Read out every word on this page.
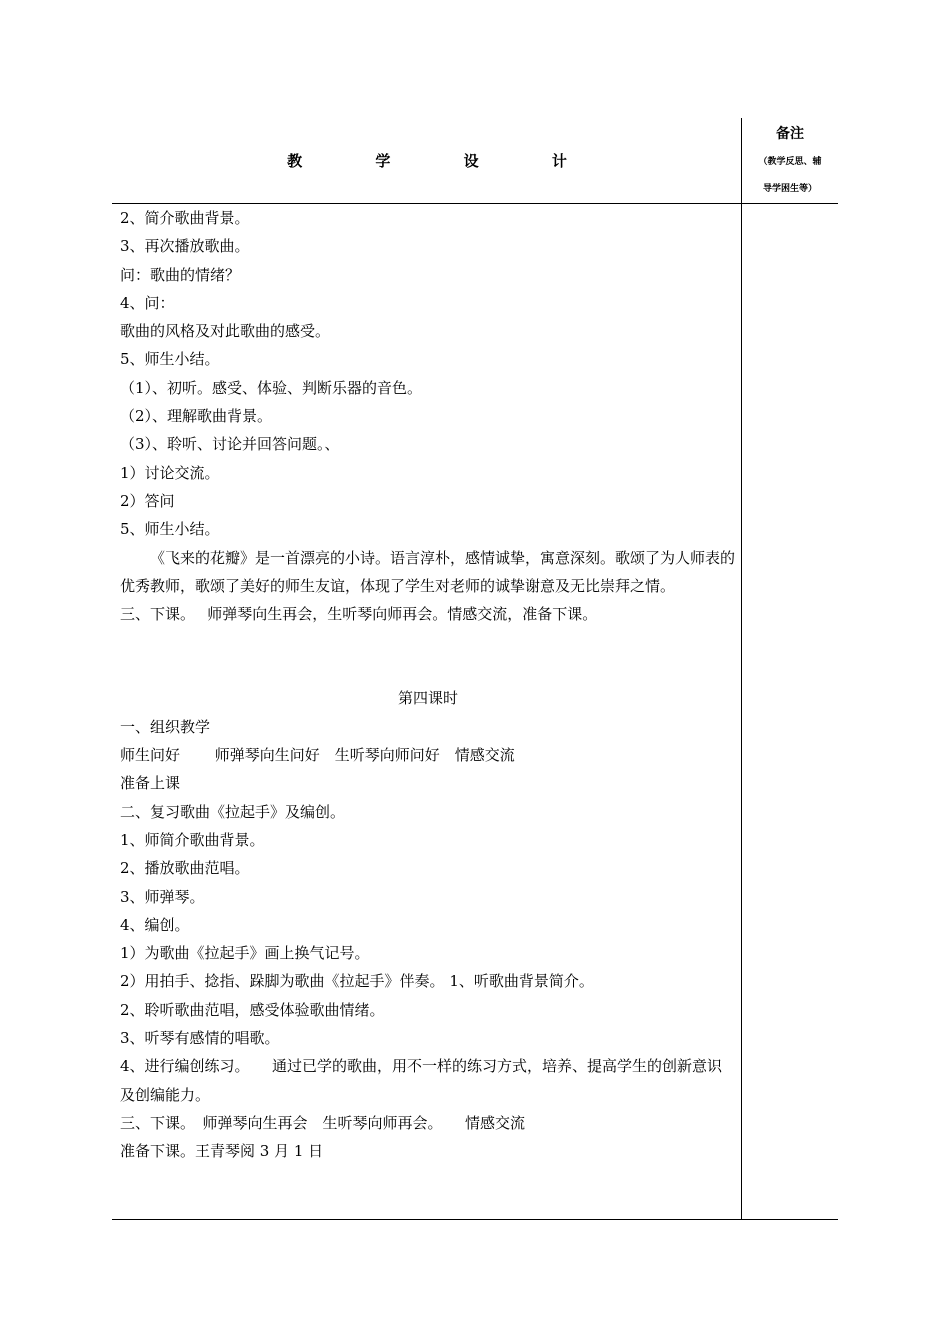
教 学 设 计
备注
（教学反思、辅
导学困生等）

2、简介歌曲背景。

3、再次播放歌曲。

问：歌曲的情绪？

4、问：

歌曲的风格及对此歌曲的感受。

5、师生小结。

（1）、初听。感受、体验、判断乐器的音色。

（2）、理解歌曲背景。

（3）、聆听、讨论并回答问题。、

1）讨论交流。

2）答问

5、师生小结。

《飞来的花瓣》是一首漂亮的小诗。语言淳朴，感情诚挚，寓意深刻。歌颂了为人师表的优秀教师，歌颂了美好的师生友谊，体现了学生对老师的诚挚谢意及无比崇拜之情。

三、下课。　 师弹琴向生再会，生听琴向师再会。情感交流，准备下课。

第四课时

一、组织教学

师生问好　　 师弹琴向生问好　生听琴向师问好　情感交流

准备上课

二、复习歌曲《拉起手》及编创。

1、师简介歌曲背景。

2、播放歌曲范唱。

3、师弹琴。

4、编创。

1）为歌曲《拉起手》画上换气记号。

2）用拍手、捻指、跺脚为歌曲《拉起手》伴奏。 1、听歌曲背景简介。

2、聆听歌曲范唱，感受体验歌曲情绪。

3、听琴有感情的唱歌。

4、进行编创练习。　　通过已学的歌曲，用不一样的练习方式，培养、提高学生的创新意识及创编能力。

三、下课。　师弹琴向生再会　生听琴向师再会。　　情感交流

准备下课。王青琴阅 3 月 1 日
